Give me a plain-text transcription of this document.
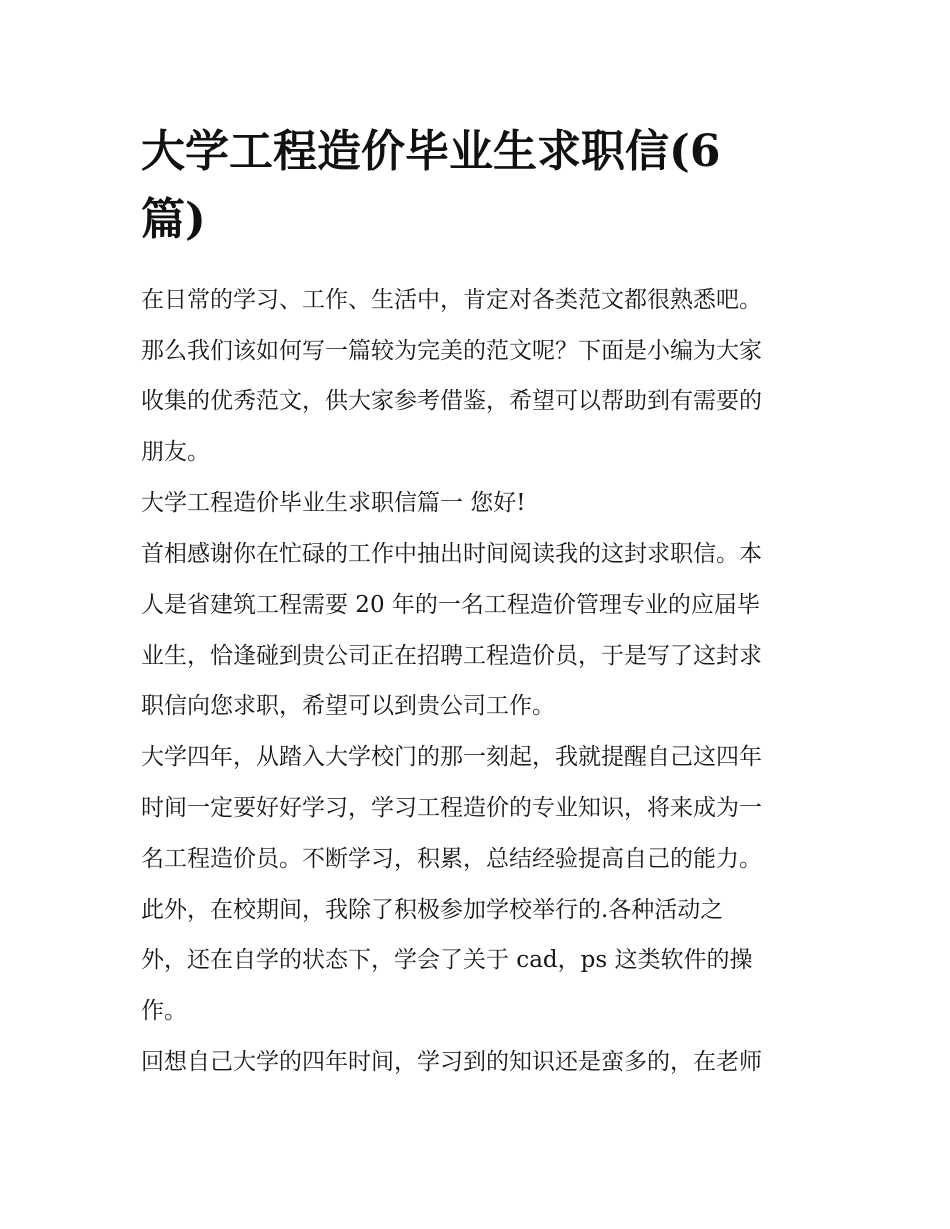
大学工程造价毕业生求职信(6
篇)

在日常的学习、工作、生活中，肯定对各类范文都很熟悉吧。

那么我们该如何写一篇较为完美的范文呢？下面是小编为大家

收集的优秀范文，供大家参考借鉴，希望可以帮助到有需要的

朋友。

大学工程造价毕业生求职信篇一 您好!

首相感谢你在忙碌的工作中抽出时间阅读我的这封求职信。本

人是省建筑工程需要 20 年的一名工程造价管理专业的应届毕

业生，恰逢碰到贵公司正在招聘工程造价员，于是写了这封求

职信向您求职，希望可以到贵公司工作。

大学四年，从踏入大学校门的那一刻起，我就提醒自己这四年

时间一定要好好学习，学习工程造价的专业知识，将来成为一

名工程造价员。不断学习，积累，总结经验提高自己的能力。

此外，在校期间，我除了积极参加学校举行的.各种活动之

外，还在自学的状态下，学会了关于 cad，ps 这类软件的操

作。

回想自己大学的四年时间，学习到的知识还是蛮多的，在老师
